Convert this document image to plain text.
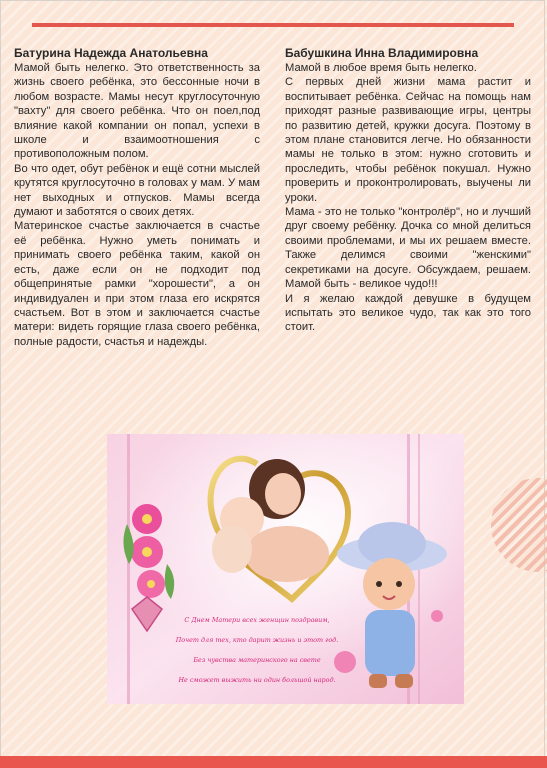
Батурина Надежда Анатольевна

Мамой быть нелегко. Это ответственность за жизнь своего ребёнка, это бессонные ночи в любом возрасте. Мамы несут круглосуточную "вахту" для своего ребёнка. Что он поел,под влияние какой компании он попал, успехи в школе и взаимоотношения с противоположным полом.

Во что одет, обут ребёнок и ещё сотни мыслей крутятся круглосуточно в головах у мам. У мам нет выходных и отпусков. Мамы всегда думают и заботятся о своих детях.

Материнское счастье заключается в счастье её ребёнка. Нужно уметь понимать и принимать своего ребёнка таким, какой он есть, даже если он не подходит под общепринятые рамки "хорошести", а он индивидуален и при этом глаза его искрятся счастьем. Вот в этом и заключается счастье матери: видеть горящие глаза своего ребёнка, полные радости, счастья и надежды.

Бабушкина Инна Владимировна

Мамой в любое время быть нелегко.

С первых дней жизни мама растит и воспитывает ребёнка. Сейчас на помощь нам приходят разные развивающие игры, центры по развитию детей, кружки досуга. Поэтому в этом плане становится легче. Но обязанности мамы не только в этом: нужно сготовить и проследить, чтобы ребёнок покушал. Нужно проверить и проконтролировать, выучены ли уроки.

Мама - это не только "контролёр", но и лучший друг своему ребёнку. Дочка со мной делиться своими проблемами, и мы их решаем вместе. Также делимся своими "женскими" секретиками на досуге. Обсуждаем, решаем. Мамой быть - великое чудо!!!

И я желаю каждой девушке в будущем испытать это великое чудо, так как это того стоит.

С Днем Матери всех женщин поздравим,
Почет для тех, кто дарит жизнь и этот год.
Без чувства материнского на свете
Не сможет выжить ни один большой народ.
